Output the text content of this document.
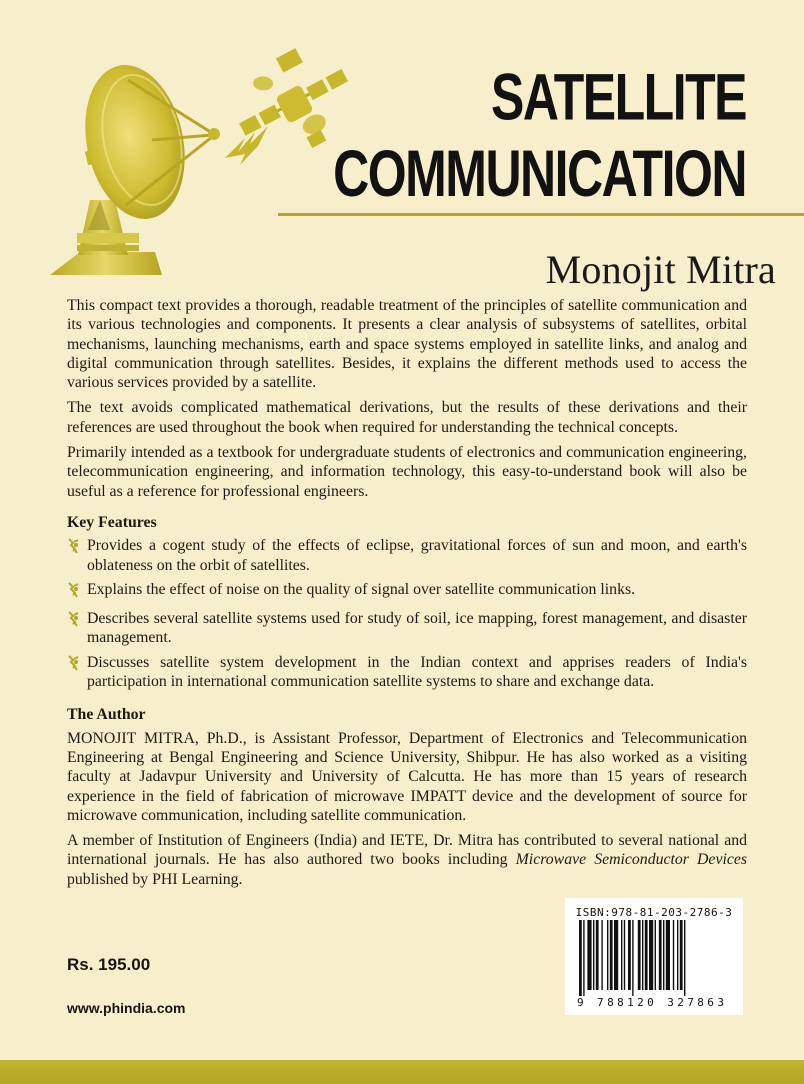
SATELLITE
COMMUNICATION
Monojit Mitra

This compact text provides a thorough, readable treatment of the principles of satellite communication and its various technologies and components. It presents a clear analysis of subsystems of satellites, orbital mechanisms, launching mechanisms, earth and space systems employed in satellite links, and analog and digital communication through satellites. Besides, it explains the different methods used to access the various services provided by a satellite.

The text avoids complicated mathematical derivations, but the results of these derivations and their references are used throughout the book when required for understanding the technical concepts.

Primarily intended as a textbook for undergraduate students of electronics and communication engineering, telecommunication engineering, and information technology, this easy-to-understand book will also be useful as a reference for professional engineers.

Key Features
Provides a cogent study of the effects of eclipse, gravitational forces of sun and moon, and earth's oblateness on the orbit of satellites.
Explains the effect of noise on the quality of signal over satellite communication links.
Describes several satellite systems used for study of soil, ice mapping, forest management, and disaster management.
Discusses satellite system development in the Indian context and apprises readers of India's participation in international communication satellite systems to share and exchange data.
The Author

MONOJIT MITRA, Ph.D., is Assistant Professor, Department of Electronics and Telecommunication Engineering at Bengal Engineering and Science University, Shibpur. He has also worked as a visiting faculty at Jadavpur University and University of Calcutta. He has more than 15 years of research experience in the field of fabrication of microwave IMPATT device and the development of source for microwave communication, including satellite communication.

A member of Institution of Engineers (India) and IETE, Dr. Mitra has contributed to several national and international journals. He has also authored two books including Microwave Semiconductor Devices published by PHI Learning.

ISBN:978-81-203-2786-3
9 788120 327863
Rs. 195.00
www.phindia.com
